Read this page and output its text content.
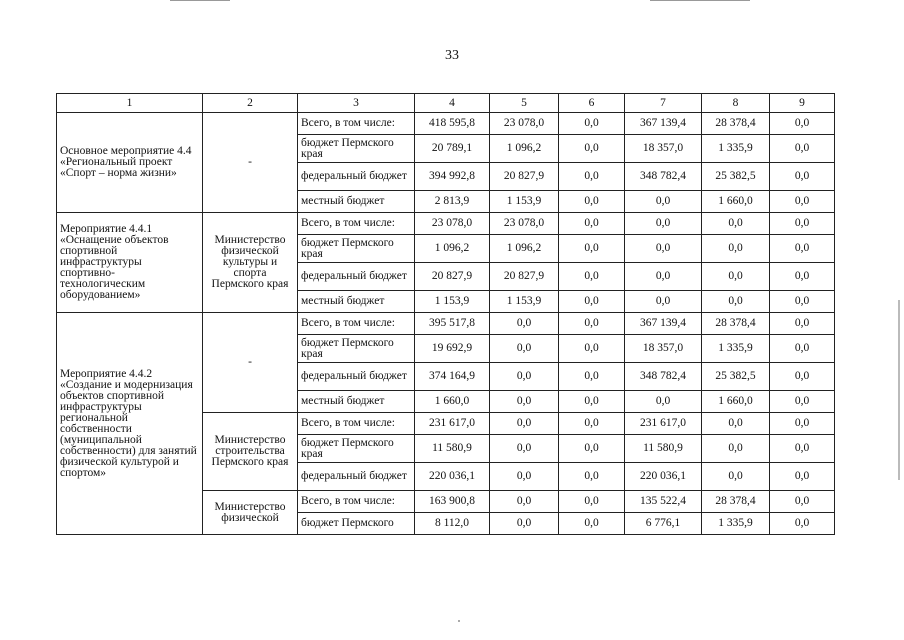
33
1	2	3	4	5	6	7	8	9
Основное мероприятие 4.4 «Региональный проект «Спорт – норма жизни»	-	Всего, в том числе:	418 595,8	23 078,0	0,0	367 139,4	28 378,4	0,0
		бюджет Пермского края	20 789,1	1 096,2	0,0	18 357,0	1 335,9	0,0
		федеральный бюджет	394 992,8	20 827,9	0,0	348 782,4	25 382,5	0,0
		местный бюджет	2 813,9	1 153,9	0,0	0,0	1 660,0	0,0
Мероприятие 4.4.1 «Оснащение объектов спортивной инфраструктуры спортивно-технологическим оборудованием»	Министерство физической культуры и спорта Пермского края	Всего, в том числе:	23 078,0	23 078,0	0,0	0,0	0,0	0,0
		бюджет Пермского края	1 096,2	1 096,2	0,0	0,0	0,0	0,0
		федеральный бюджет	20 827,9	20 827,9	0,0	0,0	0,0	0,0
		местный бюджет	1 153,9	1 153,9	0,0	0,0	0,0	0,0
Мероприятие 4.4.2 «Создание и модернизация объектов спортивной инфраструктуры региональной собственности (муниципальной собственности) для занятий физической культурой и спортом»	-	Всего, в том числе:	395 517,8	0,0	0,0	367 139,4	28 378,4	0,0
		бюджет Пермского края	19 692,9	0,0	0,0	18 357,0	1 335,9	0,0
		федеральный бюджет	374 164,9	0,0	0,0	348 782,4	25 382,5	0,0
		местный бюджет	1 660,0	0,0	0,0	0,0	1 660,0	0,0
	Министерство строительства Пермского края	Всего, в том числе:	231 617,0	0,0	0,0	231 617,0	0,0	0,0
		бюджет Пермского края	11 580,9	0,0	0,0	11 580,9	0,0	0,0
		федеральный бюджет	220 036,1	0,0	0,0	220 036,1	0,0	0,0
	Министерство физической	Всего, в том числе:	163 900,8	0,0	0,0	135 522,4	28 378,4	0,0
		бюджет Пермского	8 112,0	0,0	0,0	6 776,1	1 335,9	0,0
